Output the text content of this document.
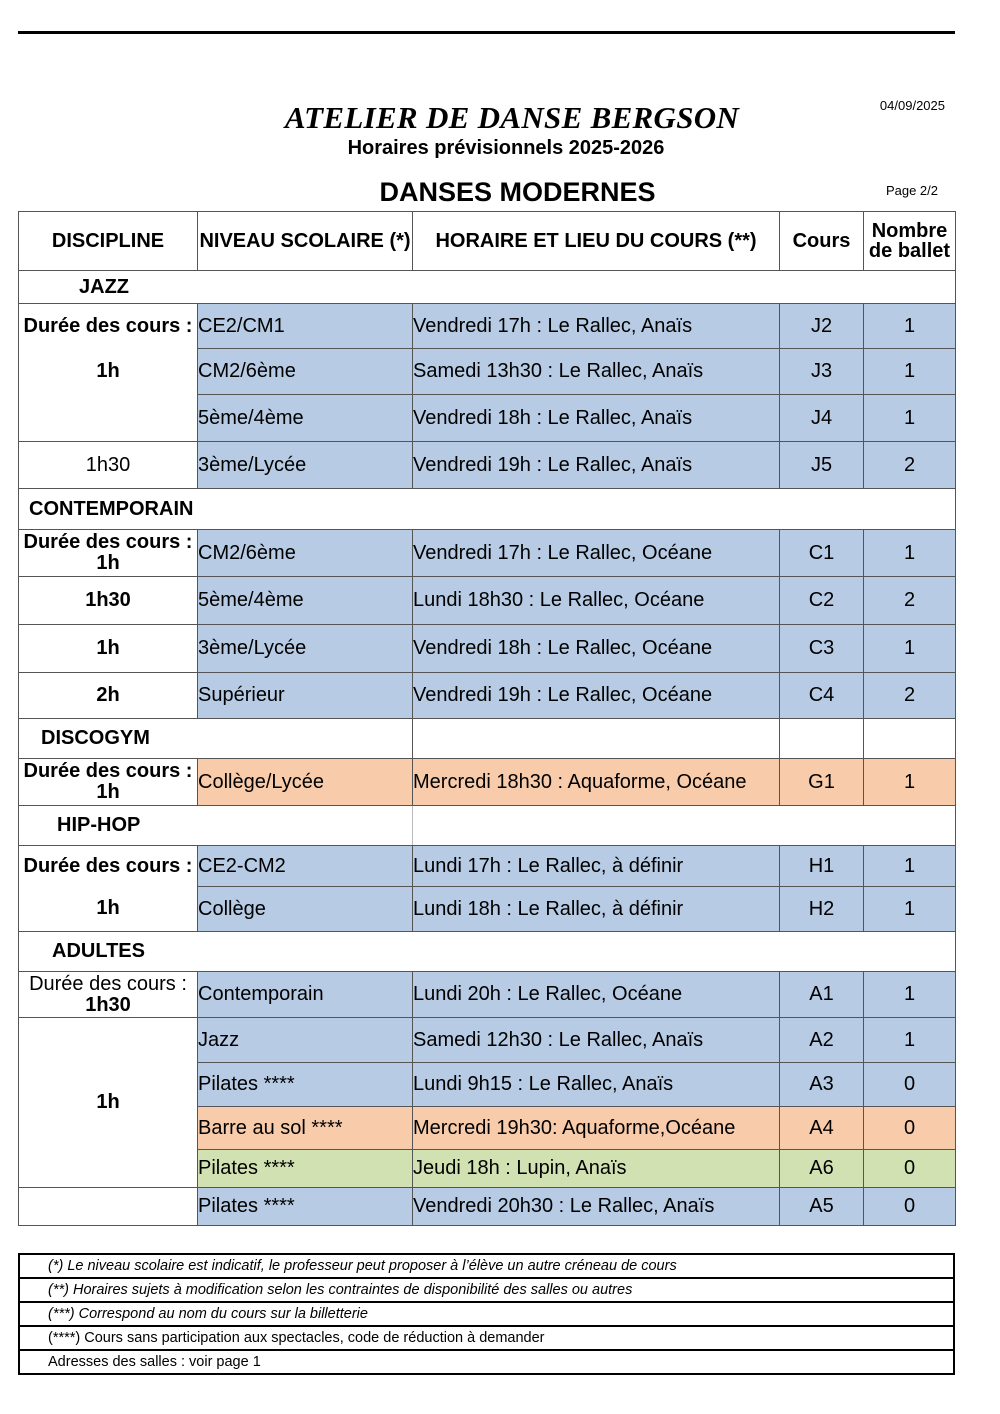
04/09/2025
ATELIER DE DANSE BERGSON
Horaires prévisionnels 2025-2026
DANSES MODERNES	Page 2/2
DISCIPLINE	NIVEAU SCOLAIRE (*)	HORAIRE ET LIEU DU COURS (**)	Cours	Nombre
de ballet
JAZZ				
Durée des cours :	CE2/CM1	Vendredi 17h : Le Rallec, Anaïs	J2	1
1h	CM2/6ème	Samedi 13h30 : Le Rallec, Anaïs	J3	1
	5ème/4ème	Vendredi 18h : Le Rallec, Anaïs	J4	1
1h30	3ème/Lycée	Vendredi 19h : Le Rallec, Anaïs	J5	2
CONTEMPORAIN				
Durée des cours :
1h	CM2/6ème	Vendredi 17h : Le Rallec, Océane	C1	1
1h30	5ème/4ème	Lundi 18h30 : Le Rallec, Océane	C2	2
1h	3ème/Lycée	Vendredi 18h : Le Rallec, Océane	C3	1
2h	Supérieur	Vendredi 19h : Le Rallec, Océane	C4	2
DISCOGYM				
Durée des cours :
1h	Collège/Lycée	Mercredi 18h30 : Aquaforme, Océane	G1	1
HIP-HOP				
Durée des cours :	CE2-CM2	Lundi 17h : Le Rallec, à définir	H1	1
1h	Collège	Lundi 18h : Le Rallec, à définir	H2	1
ADULTES				
Durée des cours :
1h30	Contemporain	Lundi 20h : Le Rallec, Océane	A1	1
1h	Jazz	Samedi 12h30 : Le Rallec, Anaïs	A2	1
	Pilates ****	Lundi 9h15 : Le Rallec, Anaïs	A3	0
	Barre au sol ****	Mercredi 19h30: Aquaforme,Océane	A4	0
	Pilates ****	Jeudi 18h : Lupin, Anaïs	A6	0
	Pilates ****	Vendredi 20h30 : Le Rallec, Anaïs	A5	0
(*) Le niveau scolaire est indicatif, le professeur peut proposer à l’élève un autre créneau de cours
(**) Horaires sujets à modification selon les contraintes de disponibilité des salles ou autres
(***) Correspond au nom du cours sur la billetterie
(****) Cours sans participation aux spectacles, code de réduction à demander
Adresses des salles : voir page 1
